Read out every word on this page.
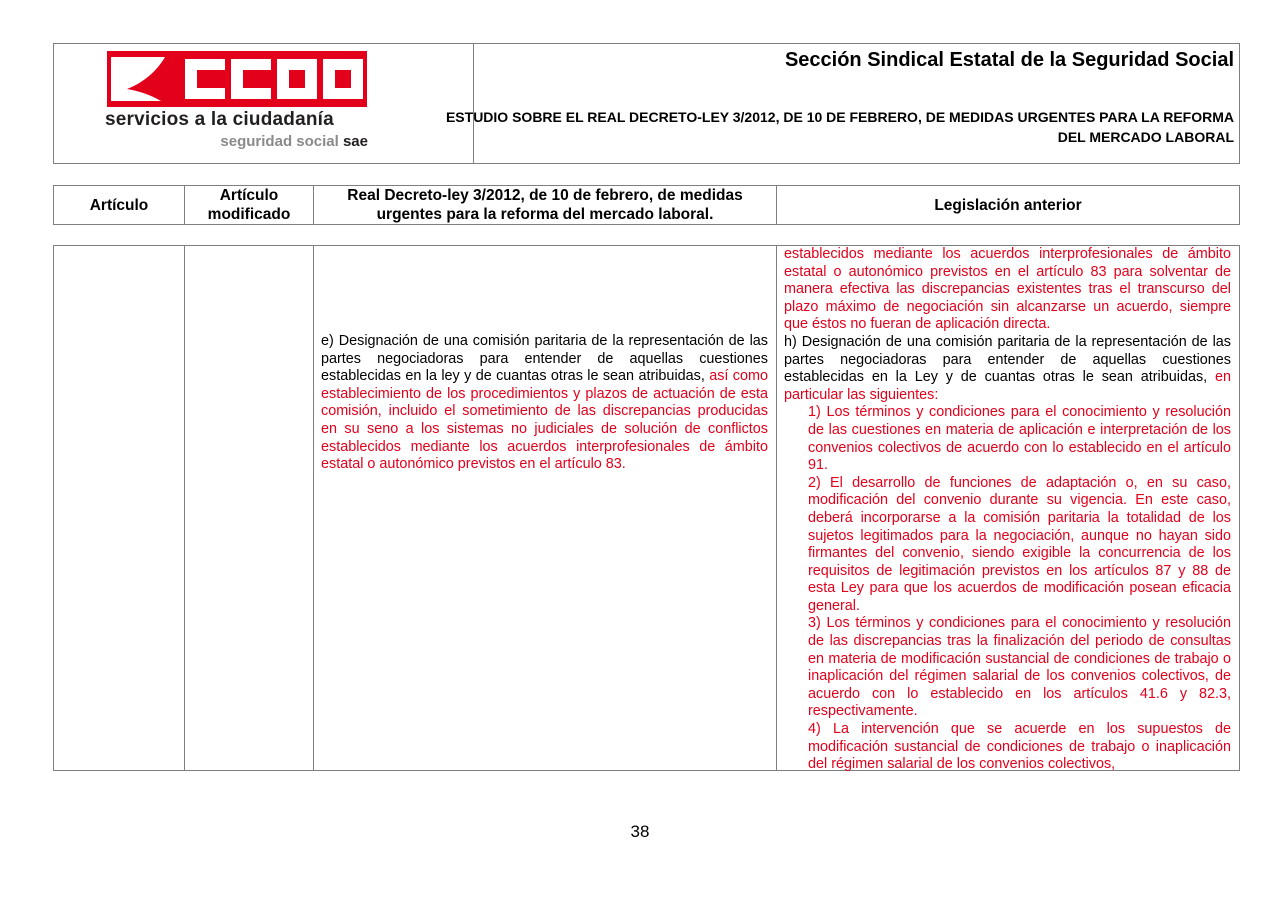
servicios a la ciudadanía
seguridad social sae
Sección Sindical Estatal de la Seguridad Social
ESTUDIO SOBRE EL REAL DECRETO-LEY 3/2012, DE 10 DE FEBRERO, DE MEDIDAS URGENTES PARA LA REFORMA DEL MERCADO LABORAL
Artículo
Artículo modificado
Real Decreto-ley 3/2012, de 10 de febrero, de medidas urgentes para la reforma del mercado laboral.
Legislación anterior
e) Designación de una comisión paritaria de la representación de las partes negociadoras para entender de aquellas cuestiones establecidas en la ley y de cuantas otras le sean atribuidas, así como establecimiento de los procedimientos y plazos de actuación de esta comisión, incluido el sometimiento de las discrepancias producidas en su seno a los sistemas no judiciales de solución de conflictos establecidos mediante los acuerdos interprofesionales de ámbito estatal o autonómico previstos en el artículo 83.
establecidos mediante los acuerdos interprofesionales de ámbito estatal o autonómico previstos en el artículo 83 para solventar de manera efectiva las discrepancias existentes tras el transcurso del plazo máximo de negociación sin alcanzarse un acuerdo, siempre que éstos no fueran de aplicación directa.
h) Designación de una comisión paritaria de la representación de las partes negociadoras para entender de aquellas cuestiones establecidas en la Ley y de cuantas otras le sean atribuidas, en particular las siguientes:
1) Los términos y condiciones para el conocimiento y resolución de las cuestiones en materia de aplicación e interpretación de los convenios colectivos de acuerdo con lo establecido en el artículo 91.
2) El desarrollo de funciones de adaptación o, en su caso, modificación del convenio durante su vigencia. En este caso, deberá incorporarse a la comisión paritaria la totalidad de los sujetos legitimados para la negociación, aunque no hayan sido firmantes del convenio, siendo exigible la concurrencia de los requisitos de legitimación previstos en los artículos 87 y 88 de esta Ley para que los acuerdos de modificación posean eficacia general.
3) Los términos y condiciones para el conocimiento y resolución de las discrepancias tras la finalización del periodo de consultas en materia de modificación sustancial de condiciones de trabajo o inaplicación del régimen salarial de los convenios colectivos, de acuerdo con lo establecido en los artículos 41.6 y 82.3, respectivamente.
4) La intervención que se acuerde en los supuestos de modificación sustancial de condiciones de trabajo o inaplicación del régimen salarial de los convenios colectivos,
38
